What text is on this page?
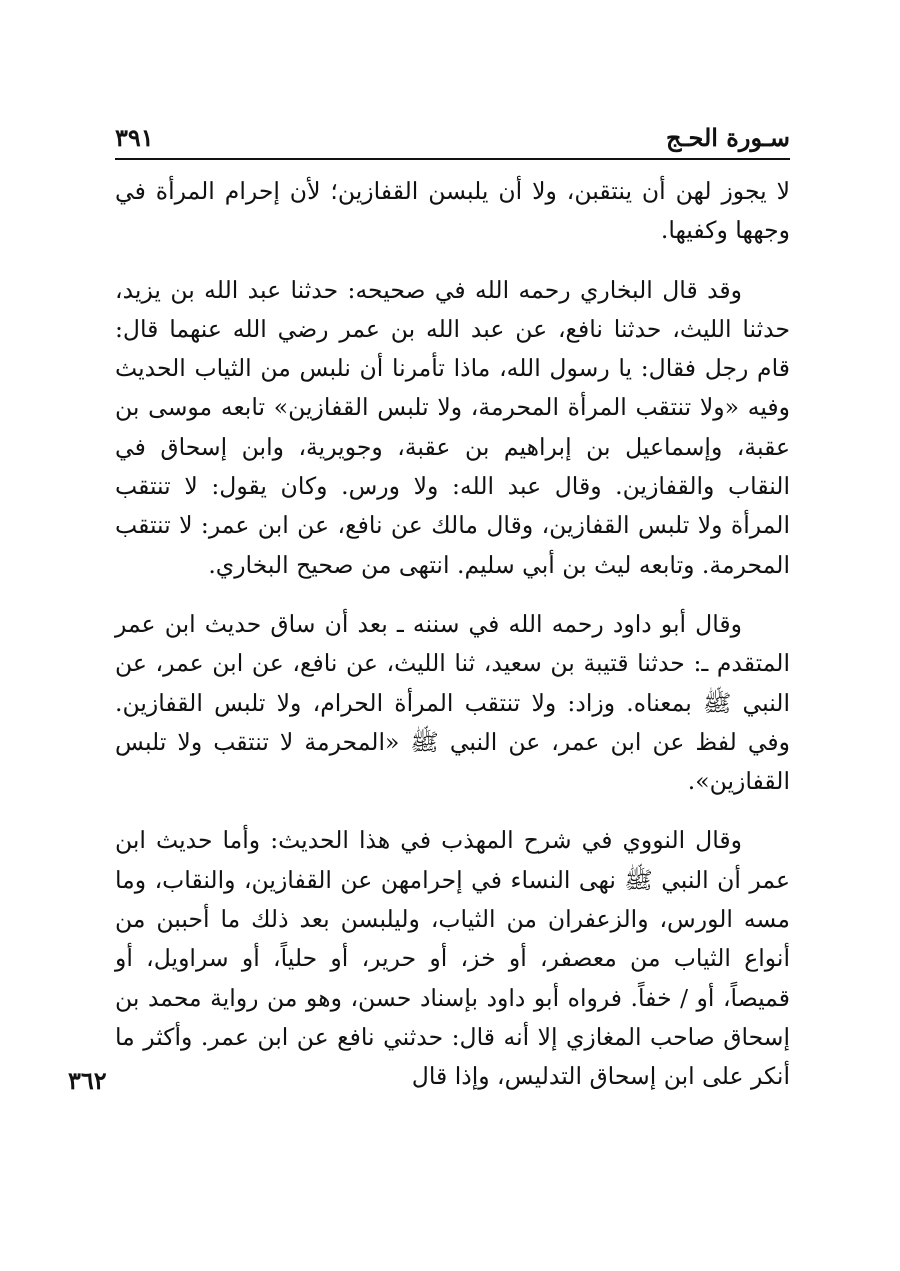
سـورة الحـج
٣٩١

لا يجوز لهن أن ينتقبن، ولا أن يلبسن القفازين؛ لأن إحرام المرأة في وجهها وكفيها.

وقد قال البخاري رحمه الله في صحيحه: حدثنا عبد الله بن يزيد، حدثنا الليث، حدثنا نافع، عن عبد الله بن عمر رضي الله عنهما قال: قام رجل فقال: يا رسول الله، ماذا تأمرنا أن نلبس من الثياب الحديث وفيه «ولا تنتقب المرأة المحرمة، ولا تلبس القفازين» تابعه موسى بن عقبة، وإسماعيل بن إبراهيم بن عقبة، وجويرية، وابن إسحاق في النقاب والقفازين. وقال عبد الله: ولا ورس. وكان يقول: لا تنتقب المرأة ولا تلبس القفازين، وقال مالك عن نافع، عن ابن عمر: لا تنتقب المحرمة. وتابعه ليث بن أبي سليم. انتهى من صحيح البخاري.

وقال أبو داود رحمه الله في سننه ـ بعد أن ساق حديث ابن عمر المتقدم ـ: حدثنا قتيبة بن سعيد، ثنا الليث، عن نافع، عن ابن عمر، عن النبي ﷺ بمعناه. وزاد: ولا تنتقب المرأة الحرام، ولا تلبس القفازين. وفي لفظ عن ابن عمر، عن النبي ﷺ «المحرمة لا تنتقب ولا تلبس القفازين».

وقال النووي في شرح المهذب في هذا الحديث: وأما حديث ابن عمر أن النبي ﷺ نهى النساء في إحرامهن عن القفازين، والنقاب، وما مسه الورس، والزعفران من الثياب، وليلبسن بعد ذلك ما أحببن من أنواع الثياب من معصفر، أو خز، أو حرير، أو حلياً، أو سراويل، أو قميصاً، أو / خفاً. فرواه أبو داود بإسناد حسن، وهو من رواية محمد بن إسحاق صاحب المغازي إلا أنه قال: حدثني نافع عن ابن عمر. وأكثر ما أنكر على ابن إسحاق التدليس، وإذا قال

٣٦٢
